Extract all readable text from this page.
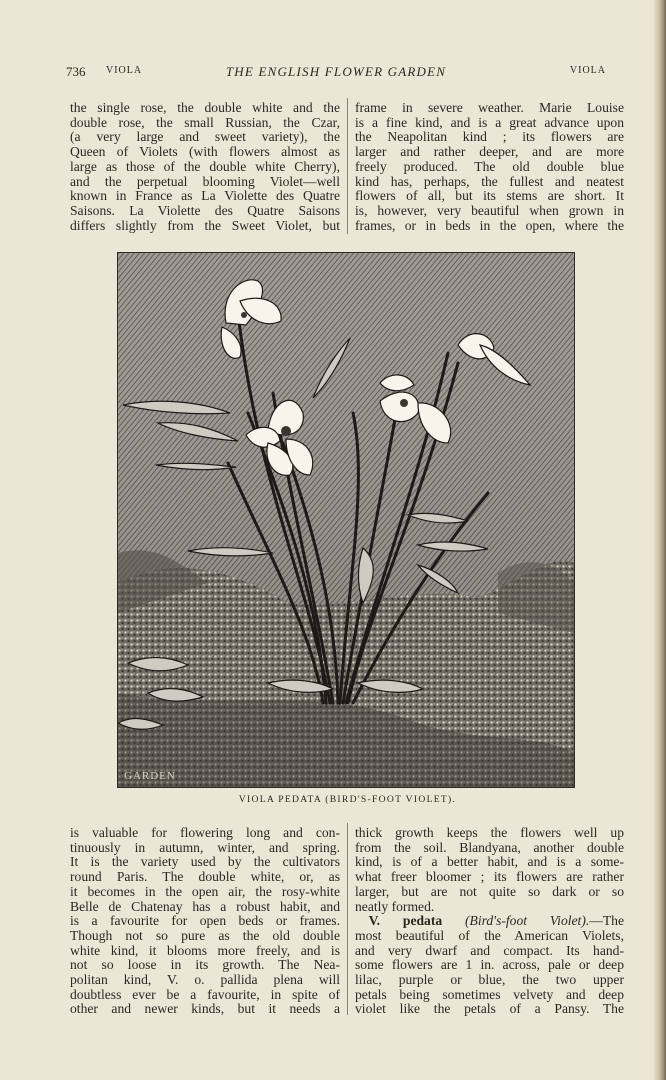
736 VIOLA	THE ENGLISH FLOWER GARDEN	VIOLA
the single rose, the double white and the
double rose, the small Russian, the Czar,
(a very large and sweet variety), the
Queen of Violets (with flowers almost as
large as those of the double white Cherry),
and the perpetual blooming Violet—well
known in France as La Violette des Quatre
Saisons. La Violette des Quatre Saisons
differs slightly from the Sweet Violet, but
frame in severe weather. Marie Louise
is a fine kind, and is a great advance upon
the Neapolitan kind ; its flowers are
larger and rather deeper, and are more
freely produced. The old double blue
kind has, perhaps, the fullest and neatest
flowers of all, but its stems are short. It
is, however, very beautiful when grown in
frames, or in beds in the open, where the
GARDEN
VIOLA PEDATA (BIRD'S-FOOT VIOLET).
is valuable for flowering long and con-
tinuously in autumn, winter, and spring.
It is the variety used by the cultivators
round Paris. The double white, or, as
it becomes in the open air, the rosy-white
Belle de Chatenay has a robust habit, and
is a favourite for open beds or frames.
Though not so pure as the old double
white kind, it blooms more freely, and is
not so loose in its growth. The Nea-
politan kind, V. o. pallida plena will
doubtless ever be a favourite, in spite of
other and newer kinds, but it needs a
thick growth keeps the flowers well up
from the soil. Blandyana, another double
kind, is of a better habit, and is a some-
what freer bloomer ; its flowers are rather
larger, but are not quite so dark or so
neatly formed.
 V. pedata (Bird's-foot Violet).—The
most beautiful of the American Violets,
and very dwarf and compact. Its hand-
some flowers are 1 in. across, pale or deep
lilac, purple or blue, the two upper
petals being sometimes velvety and deep
violet like the petals of a Pansy. The
